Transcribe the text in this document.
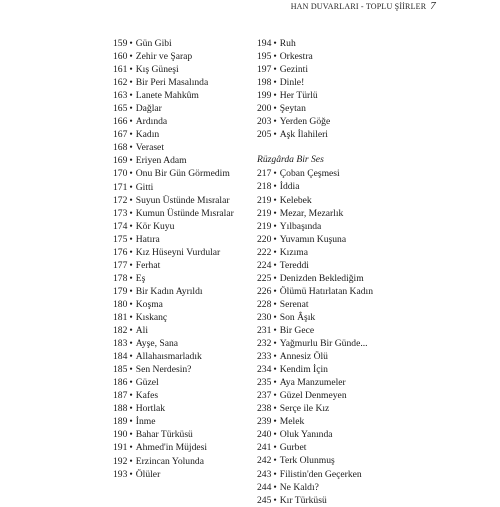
HAN DUVARLARI - TOPLU ŞİİRLER 7
159 • Gün Gibi
160 • Zehir ve Şarap
161 • Kış Güneşi
162 • Bir Peri Masalında
163 • Lanete Mahkûm
165 • Dağlar
166 • Ardında
167 • Kadın
168 • Veraset
169 • Eriyen Adam
170 • Onu Bir Gün Görmedim
171 • Gitti
172 • Suyun Üstünde Mısralar
173 • Kumun Üstünde Mısralar
174 • Kör Kuyu
175 • Hatıra
176 • Kız Hüseyni Vurdular
177 • Ferhat
178 • Eş
179 • Bir Kadın Ayrıldı
180 • Koşma
181 • Kıskanç
182 • Ali
183 • Ayşe, Sana
184 • Allahaısmarladık
185 • Sen Nerdesin?
186 • Güzel
187 • Kafes
188 • Hortlak
189 • İnme
190 • Bahar Türküsü
191 • Ahmed'in Müjdesi
192 • Erzincan Yolunda
193 • Ölüler
194 • Ruh
195 • Orkestra
197 • Gezinti
198 • Dinle!
199 • Her Türlü
200 • Şeytan
203 • Yerden Göğe
205 • Aşk İlahileri
Rüzgârda Bir Ses
217 • Çoban Çeşmesi
218 • İddia
219 • Kelebek
219 • Mezar, Mezarlık
219 • Yılbaşında
220 • Yuvamın Kuşuna
222 • Kızıma
224 • Tereddi
225 • Denizden Beklediğim
226 • Ölümü Hatırlatan Kadın
228 • Serenat
230 • Son Âşık
231 • Bir Gece
232 • Yağmurlu Bir Günde...
233 • Annesiz Ölü
234 • Kendim İçin
235 • Aya Manzumeler
237 • Güzel Denmeyen
238 • Serçe ile Kız
239 • Melek
240 • Oluk Yanında
241 • Gurbet
242 • Terk Olunmuş
243 • Filistin'den Geçerken
244 • Ne Kaldı?
245 • Kır Türküsü
